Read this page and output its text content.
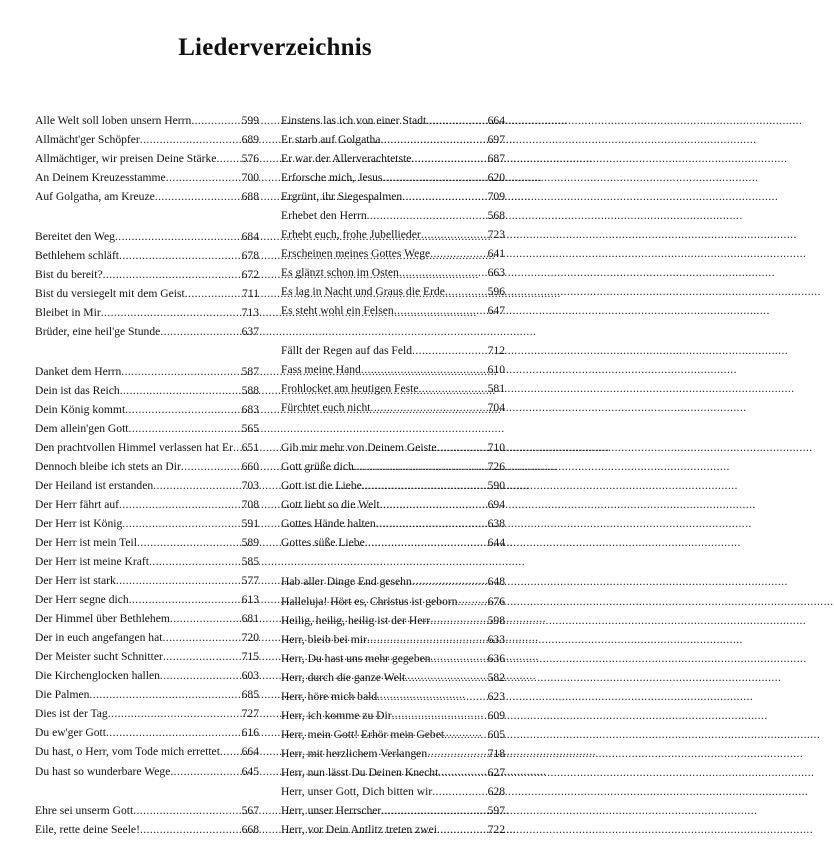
Liederverzeichnis
Alle Welt soll loben unsern Herrn .....	599
Allmächt'ger Schöpfer .....	689
Allmächtiger, wir preisen Deine Stärke ..... 576
An Deinem Kreuzesstamme .....	700
Auf Golgatha, am Kreuze .....	688
Bereitet den Weg .....	684
Bethlehem schläft .....	678
Bist du bereit? .....	672
Bist du versiegelt mit dem Geist .....	711
Bleibet in Mir .....	713
Brüder, eine heil'ge Stunde .....	637
Danket dem Herrn .....	587
Dein ist das Reich .....	588
Dein König kommt .....	683
Dem allein'gen Gott .....	565
Den prachtvollen Himmel verlassen hat Er ..... 651
Dennoch bleibe ich stets an Dir .....	660
Der Heiland ist erstanden .....	703
Der Herr fährt auf .....	708
Der Herr ist König .....	591
Der Herr ist mein Teil .....	589
Der Herr ist meine Kraft .....	585
Der Herr ist stark .....	577
Der Herr segne dich .....	613
Der Himmel über Bethlehem .....	681
Der in euch angefangen hat .....	720
Der Meister sucht Schnitter .....	715
Die Kirchenglocken hallen .....	603
Die Palmen .....	685
Dies ist der Tag .....	727
Du ew'ger Gott .....	616
Du hast, o Herr, vom Tode mich errettet ..... 664
Du hast so wunderbare Wege .....	645
Ehre sei unserm Gott .....	567
Eile, rette deine Seele! .....	668
Einstens las ich von einer Stadt .....	664
Er starb auf Golgatha .....	697
Er war der Allerverachtetste .....	687
Erforsche mich, Jesus .....	620
Ergrünt, ihr Siegespalmen .....	709
Erhebet den Herrn .....	568
Erhebt euch, frohe Jubellieder .....	723
Erscheinen meines Gottes Wege .....	641
Es glänzt schon im Osten .....	663
Es lag in Nacht und Graus die Erde .....	596
Es steht wohl ein Felsen .....	647
Fällt der Regen auf das Feld .....	712
Fass meine Hand .....	610
Frohlocket am heutigen Feste .....	581
Fürchtet euch nicht .....	704
Gib mir mehr von Deinem Geiste .....	710
Gott grüße dich .....	726
Gott ist die Liebe .....	590
Gott liebt so die Welt .....	694
Gottes Hände halten .....	638
Gottes süße Liebe .....	644
Hab aller Dinge End gesehn .....	648
Halleluja! Hört es, Christus ist geborn .....	676
Heilig, heilig, heilig ist der Herr .....	598
Herr, bleib bei mir .....	633
Herr, Du hast uns mehr gegeben .....	636
Herr, durch die ganze Welt .....	582
Herr, höre mich bald .....	623
Herr, ich komme zu Dir .....	609
Herr, mein Gott! Erhör mein Gebet .....	605
Herr, mit herzlichem Verlangen .....	718
Herr, nun lässt Du Deinen Knecht .....	627
Herr, unser Gott, Dich bitten wir .....	628
Herr, unser Herrscher .....	597
Herr, vor Dein Antlitz treten zwei .....	722
